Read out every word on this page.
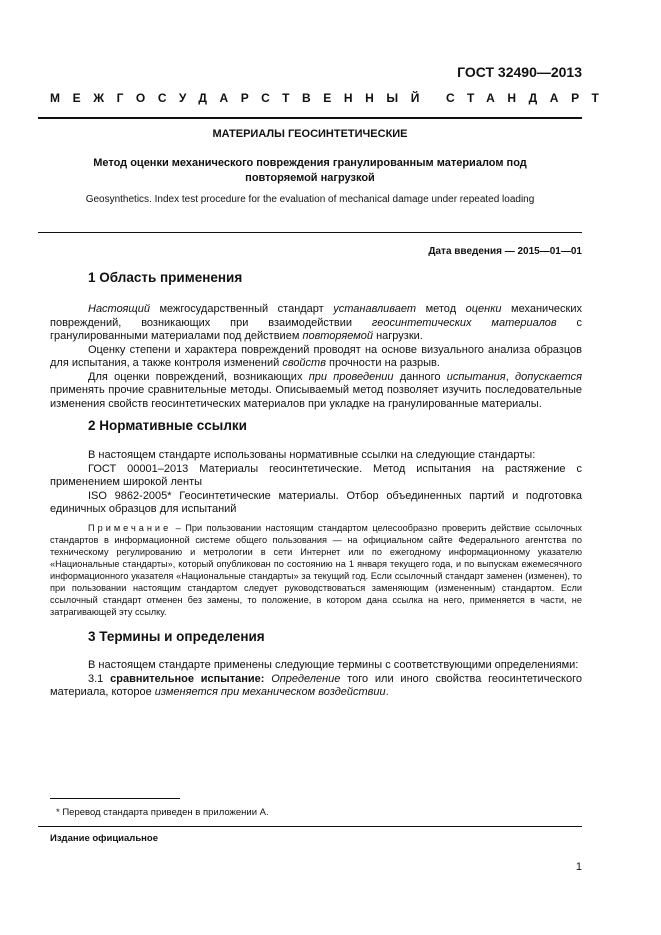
ГОСТ 32490—2013
МЕЖГОСУДАРСТВЕННЫЙ СТАНДАРТ
МАТЕРИАЛЫ ГЕОСИНТЕТИЧЕСКИЕ
Метод оценки механического повреждения гранулированным материалом под повторяемой нагрузкой
Geosynthetics. Index test procedure for the evaluation of mechanical damage under repeated loading
Дата введения — 2015—01—01
1 Область применения

Настоящий межгосударственный стандарт устанавливает метод оценки механических повреждений, возникающих при взаимодействии геосинтетических материалов с гранулированными материалами под действием повторяемой нагрузки.

Оценку степени и характера повреждений проводят на основе визуального анализа образцов для испытания, а также контроля изменений свойств прочности на разрыв.

Для оценки повреждений, возникающих при проведении данного испытания, допускается применять прочие сравнительные методы. Описываемый метод позволяет изучить последовательные изменения свойств геосинтетических материалов при укладке на гранулированные материалы.

2 Нормативные ссылки

В настоящем стандарте использованы нормативные ссылки на следующие стандарты:

ГОСТ 00001–2013 Материалы геосинтетические. Метод испытания на растяжение с применением широкой ленты

ISO 9862-2005* Геосинтетические материалы. Отбор объединенных партий и подготовка единичных образцов для испытаний

Примечание – При пользовании настоящим стандартом целесообразно проверить действие ссылочных стандартов в информационной системе общего пользования — на официальном сайте Федерального агентства по техническому регулированию и метрологии в сети Интернет или по ежегодному информационному указателю «Национальные стандарты», который опубликован по состоянию на 1 января текущего года, и по выпускам ежемесячного информационного указателя «Национальные стандарты» за текущий год. Если ссылочный стандарт заменен (изменен), то при пользовании настоящим стандартом следует руководствоваться заменяющим (измененным) стандартом. Если ссылочный стандарт отменен без замены, то положение, в котором дана ссылка на него, применяется в части, не затрагивающей эту ссылку.

3 Термины и определения

В настоящем стандарте применены следующие термины с соответствующими определениями:

3.1 сравнительное испытание: Определение того или иного свойства геосинтетического материала, которое изменяется при механическом воздействии.

* Перевод стандарта приведен в приложении А.
Издание официальное
1
